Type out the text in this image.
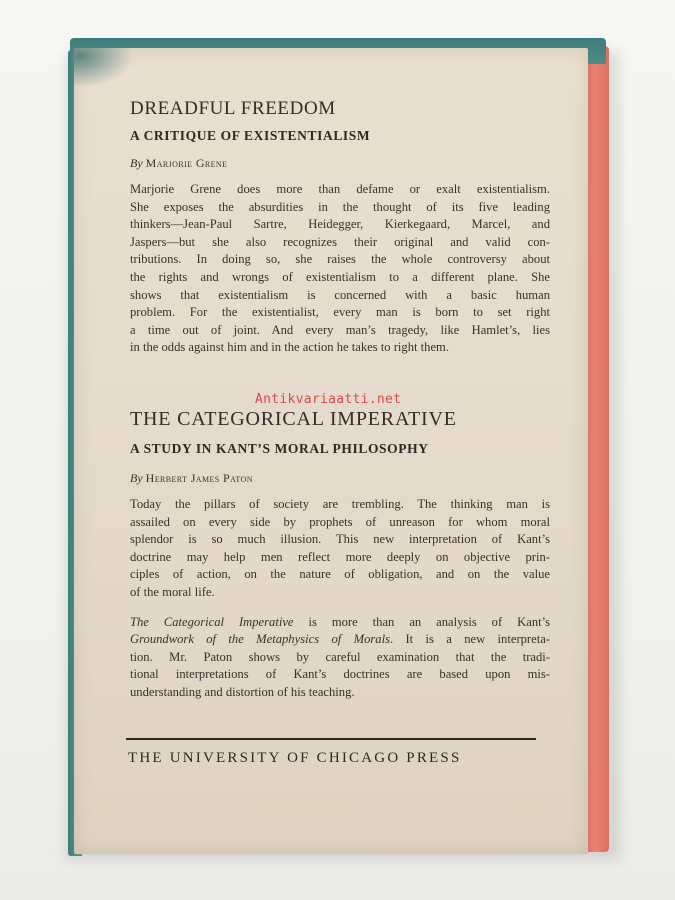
DREADFUL FREEDOM
A CRITIQUE OF EXISTENTIALISM

By Marjorie Grene

Marjorie Grene does more than defame or exalt existentialism.
She exposes the absurdities in the thought of its five leading
thinkers—Jean-Paul Sartre, Heidegger, Kierkegaard, Marcel, and
Jaspers—but she also recognizes their original and valid con-
tributions. In doing so, she raises the whole controversy about
the rights and wrongs of existentialism to a different plane. She
shows that existentialism is concerned with a basic human
problem. For the existentialist, every man is born to set right
a time out of joint. And every man’s tragedy, like Hamlet’s, lies
in the odds against him and in the action he takes to right them.
Antikvariaatti.net
THE CATEGORICAL IMPERATIVE
A STUDY IN KANT’S MORAL PHILOSOPHY

By Herbert James Paton

Today the pillars of society are trembling. The thinking man is
assailed on every side by prophets of unreason for whom moral
splendor is so much illusion. This new interpretation of Kant’s
doctrine may help men reflect more deeply on objective prin-
ciples of action, on the nature of obligation, and on the value
of the moral life.
The Categorical Imperative is more than an analysis of Kant’s
Groundwork of the Metaphysics of Morals. It is a new interpreta-
tion. Mr. Paton shows by careful examination that the tradi-
tional interpretations of Kant’s doctrines are based upon mis-
understanding and distortion of his teaching.
THE UNIVERSITY OF CHICAGO PRESS
